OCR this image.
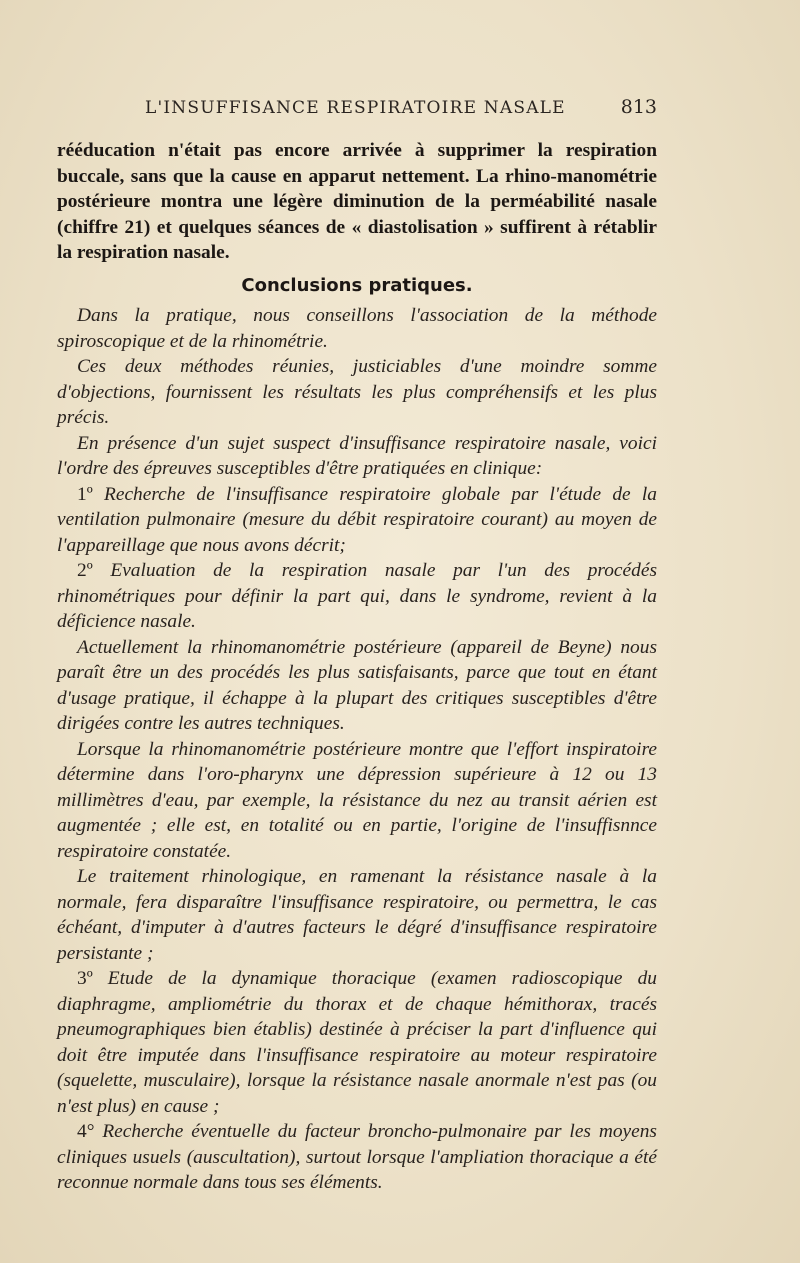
L'INSUFFISANCE RESPIRATOIRE NASALE	813

rééducation n'était pas encore arrivée à supprimer la respiration buccale, sans que la cause en apparut nettement. La rhino-manométrie postérieure montra une légère diminution de la perméabilité nasale (chiffre 21) et quelques séances de « diastolisation » suffirent à rétablir la respiration nasale.

Conclusions pratiques.

Dans la pratique, nous conseillons l'association de la méthode spiroscopique et de la rhinométrie.

Ces deux méthodes réunies, justiciables d'une moindre somme d'objections, fournissent les résultats les plus compréhensifs et les plus précis.

En présence d'un sujet suspect d'insuffisance respiratoire nasale, voici l'ordre des épreuves susceptibles d'être pratiquées en clinique:

1º Recherche de l'insuffisance respiratoire globale par l'étude de la ventilation pulmonaire (mesure du débit respiratoire courant) au moyen de l'appareillage que nous avons décrit;

2º Evaluation de la respiration nasale par l'un des procédés rhinométriques pour définir la part qui, dans le syndrome, revient à la déficience nasale.

Actuellement la rhinomanométrie postérieure (appareil de Beyne) nous paraît être un des procédés les plus satisfaisants, parce que tout en étant d'usage pratique, il échappe à la plupart des critiques susceptibles d'être dirigées contre les autres techniques.

Lorsque la rhinomanométrie postérieure montre que l'effort inspiratoire détermine dans l'oro-pharynx une dépression supérieure à 12 ou 13 millimètres d'eau, par exemple, la résistance du nez au transit aérien est augmentée ; elle est, en totalité ou en partie, l'origine de l'insuffisnnce respiratoire constatée.

Le traitement rhinologique, en ramenant la résistance nasale à la normale, fera disparaître l'insuffisance respiratoire, ou permettra, le cas échéant, d'imputer à d'autres facteurs le dégré d'insuffisance respiratoire persistante ;

3º Etude de la dynamique thoracique (examen radioscopique du diaphragme, ampliométrie du thorax et de chaque hémithorax, tracés pneumographiques bien établis) destinée à préciser la part d'influence qui doit être imputée dans l'insuffisance respiratoire au moteur respiratoire (squelette, musculaire), lorsque la résistance nasale anormale n'est pas (ou n'est plus) en cause ;

4° Recherche éventuelle du facteur broncho-pulmonaire par les moyens cliniques usuels (auscultation), surtout lorsque l'ampliation thoracique a été reconnue normale dans tous ses éléments.
